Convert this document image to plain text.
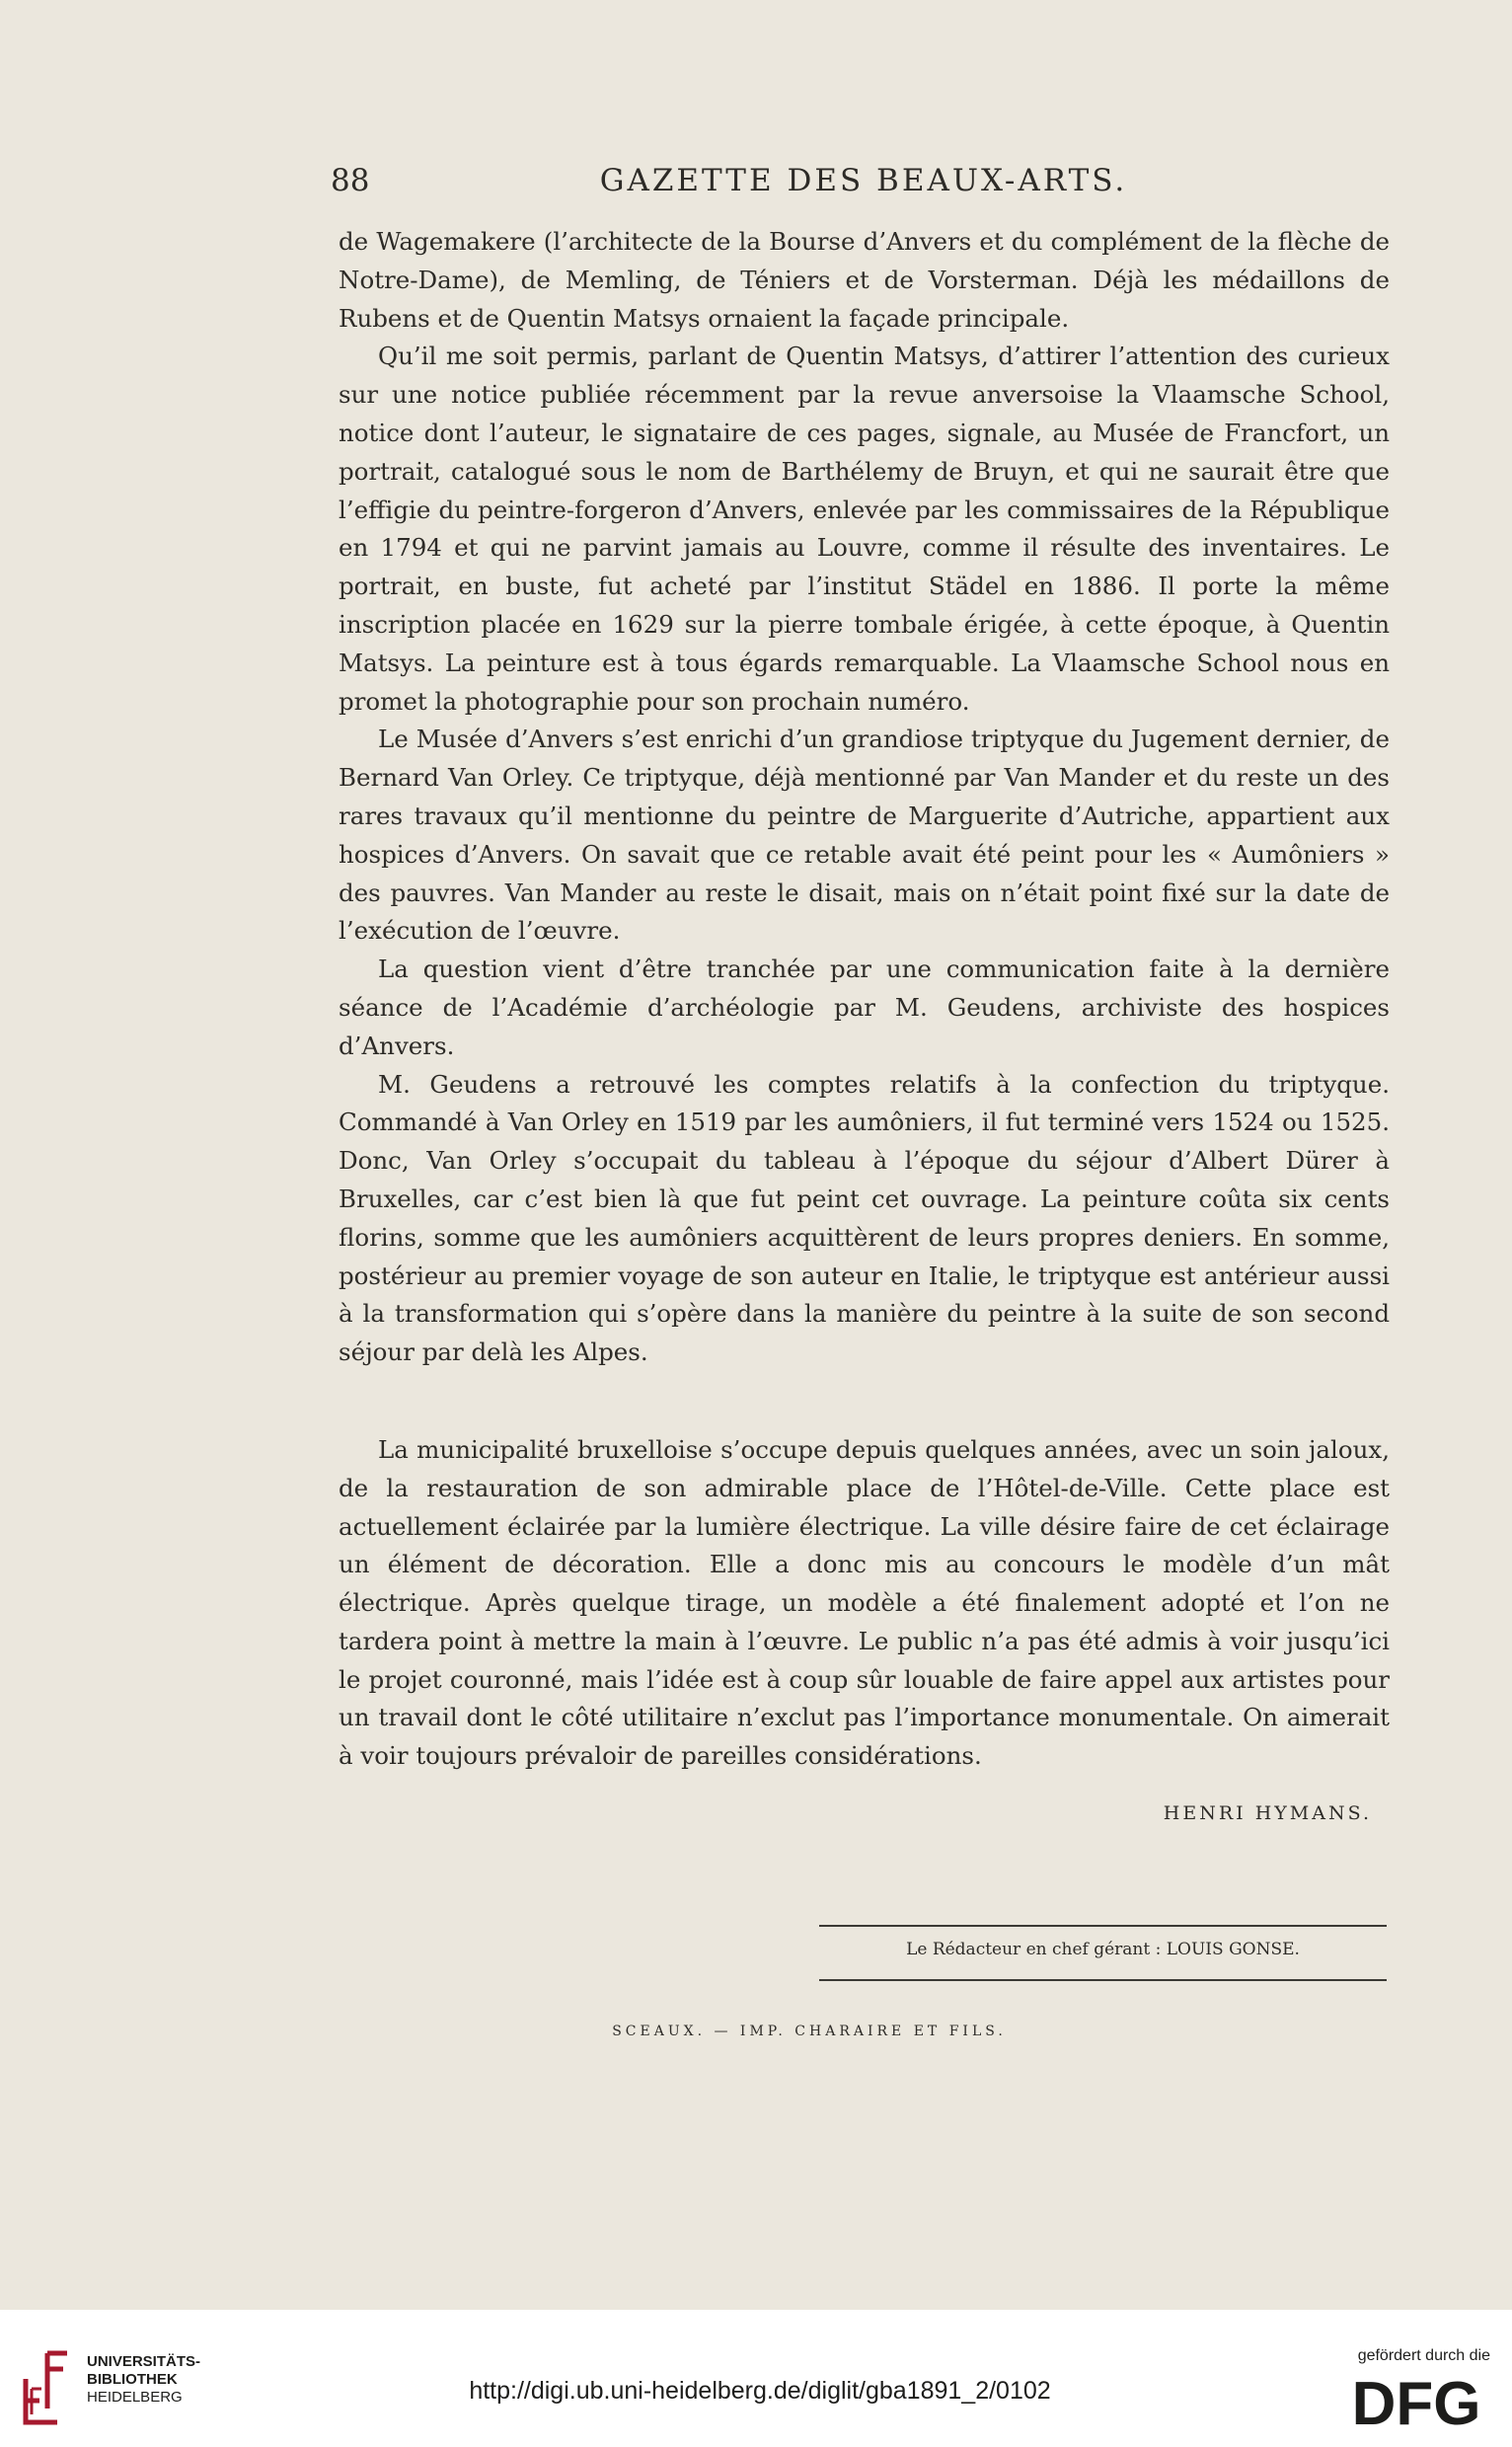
88	GAZETTE DES BEAUX-ARTS.

de Wagemakere (l’architecte de la Bourse d’Anvers et du complément de la flèche de Notre-Dame), de Memling, de Téniers et de Vorsterman. Déjà les médaillons de Rubens et de Quentin Matsys ornaient la façade principale.

Qu’il me soit permis, parlant de Quentin Matsys, d’attirer l’attention des curieux sur une notice publiée récemment par la revue anversoise la Vlaamsche School, notice dont l’auteur, le signataire de ces pages, signale, au Musée de Francfort, un portrait, catalogué sous le nom de Barthélemy de Bruyn, et qui ne saurait être que l’effigie du peintre-forgeron d’Anvers, enlevée par les commissaires de la République en 1794 et qui ne parvint jamais au Louvre, comme il résulte des inventaires. Le portrait, en buste, fut acheté par l’institut Städel en 1886. Il porte la même inscription placée en 1629 sur la pierre tombale érigée, à cette époque, à Quentin Matsys. La peinture est à tous égards remarquable. La Vlaamsche School nous en promet la photographie pour son prochain numéro.

Le Musée d’Anvers s’est enrichi d’un grandiose triptyque du Jugement dernier, de Bernard Van Orley. Ce triptyque, déjà mentionné par Van Mander et du reste un des rares travaux qu’il mentionne du peintre de Marguerite d’Autriche, appartient aux hospices d’Anvers. On savait que ce retable avait été peint pour les « Aumôniers » des pauvres. Van Mander au reste le disait, mais on n’était point fixé sur la date de l’exécution de l’œuvre.

La question vient d’être tranchée par une communication faite à la dernière séance de l’Académie d’archéologie par M. Geudens, archiviste des hospices d’Anvers.

M. Geudens a retrouvé les comptes relatifs à la confection du triptyque. Commandé à Van Orley en 1519 par les aumôniers, il fut terminé vers 1524 ou 1525. Donc, Van Orley s’occupait du tableau à l’époque du séjour d’Albert Dürer à Bruxelles, car c’est bien là que fut peint cet ouvrage. La peinture coûta six cents florins, somme que les aumôniers acquittèrent de leurs propres deniers. En somme, postérieur au premier voyage de son auteur en Italie, le triptyque est antérieur aussi à la transformation qui s’opère dans la manière du peintre à la suite de son second séjour par delà les Alpes.

La municipalité bruxelloise s’occupe depuis quelques années, avec un soin jaloux, de la restauration de son admirable place de l’Hôtel-de-Ville. Cette place est actuellement éclairée par la lumière électrique. La ville désire faire de cet éclairage un élément de décoration. Elle a donc mis au concours le modèle d’un mât électrique. Après quelque tirage, un modèle a été finalement adopté et l’on ne tardera point à mettre la main à l’œuvre. Le public n’a pas été admis à voir jusqu’ici le projet couronné, mais l’idée est à coup sûr louable de faire appel aux artistes pour un travail dont le côté utilitaire n’exclut pas l’importance monumentale. On aimerait à voir toujours prévaloir de pareilles considérations.

HENRI HYMANS.
Le Rédacteur en chef gérant : LOUIS GONSE.
SCEAUX. — IMP. CHARAIRE ET FILS.
UNIVERSITÄTS-
BIBLIOTHEK
HEIDELBERG	http://digi.ub.uni-heidelberg.de/diglit/gba1891_2/0102
gefördert durch die
DFG
